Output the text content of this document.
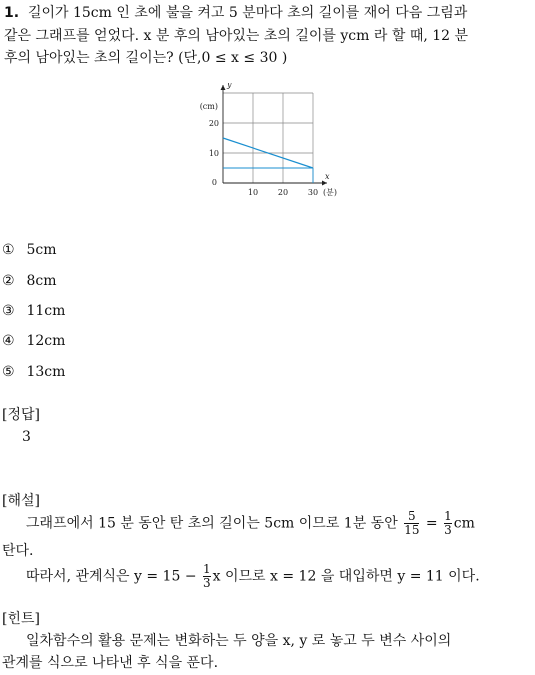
1. 길이가 15cm 인 초에 불을 켜고 5 분마다 초의 길이를 재어 다음 그림과
같은 그래프를 얻었다. x 분 후의 남아있는 초의 길이를 ycm 라 할 때, 12 분
후의 남아있는 초의 길이는? (단,0 ≤ x ≤ 30 )
10 20 30
10
20
0
(cm)
y
(분)
x
① 5cm
② 8cm
③ 11cm
④ 12cm
⑤ 13cm
[정답]
3
[해설]
그래프에서 15 분 동안 탄 초의 길이는 5cm 이므로 1분 동안 $\frac{5}{15} = \frac{1}{3}$ cm
탄다.
따라서, 관계식은 $y = 15 - \frac{1}{3}$ x 이므로 x = 12 을 대입하면 y = 11 이다.
[힌트]
일차함수의 활용 문제는 변화하는 두 양을 x, y 로 놓고 두 변수 사이의
관계를 식으로 나타낸 후 식을 푼다.
